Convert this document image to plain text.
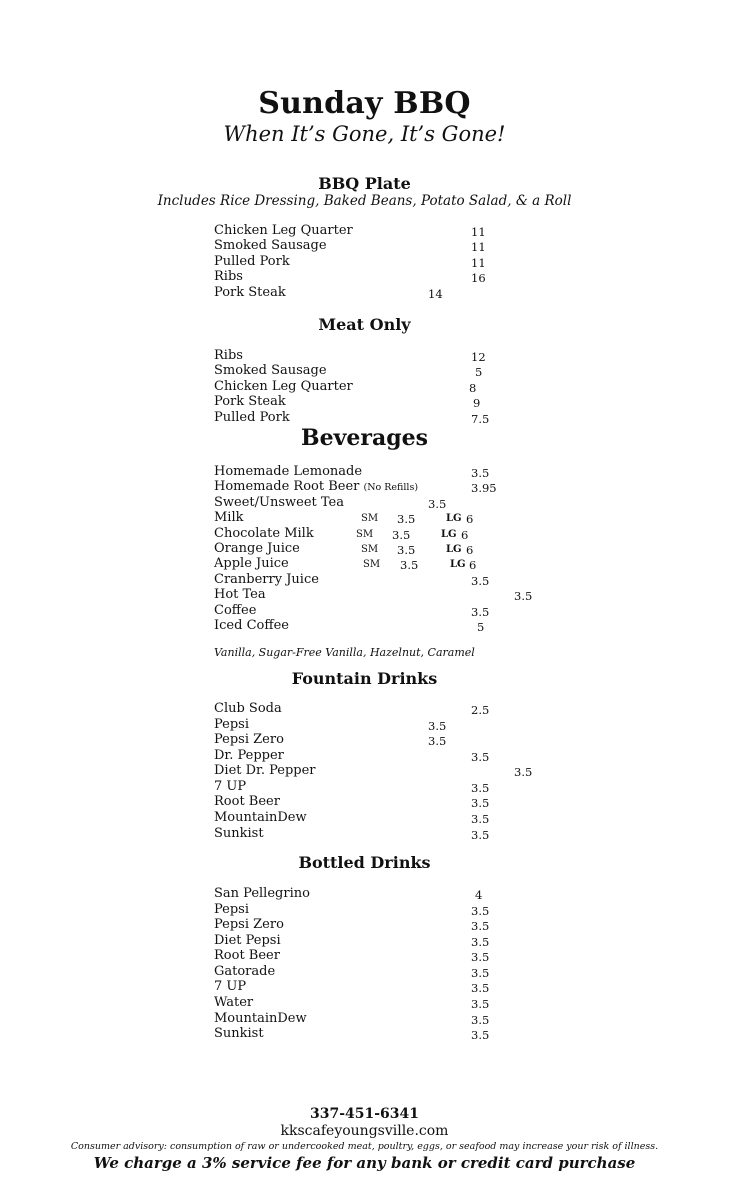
Sunday BBQ
When It’s Gone, It’s Gone!
BBQ Plate
Includes Rice Dressing, Baked Beans, Potato Salad, & a Roll
Chicken Leg Quarter	11
Smoked Sausage	11
Pulled Pork	11
Ribs	16
Pork Steak	14
Meat Only
Ribs	12
Smoked Sausage	5
Chicken Leg Quarter	8
Pork Steak	9
Pulled Pork	7.5
Beverages
Homemade Lemonade	3.5
Homemade Root Beer (No Refills)	3.95
Sweet/Unsweet Tea	3.5
Milk	SM 3.5	LG 6
Chocolate Milk	SM 3.5	LG 6
Orange Juice	SM 3.5	LG 6
Apple Juice	SM 3.5	LG 6
Cranberry Juice	3.5
Hot Tea	3.5
Coffee	3.5
Iced Coffee	5
Vanilla, Sugar-Free Vanilla, Hazelnut, Caramel
Fountain Drinks
Club Soda	2.5
Pepsi	3.5
Pepsi Zero	3.5
Dr. Pepper	3.5
Diet Dr. Pepper	3.5
7 UP	3.5
Root Beer	3.5
MountainDew	3.5
Sunkist	3.5
Bottled Drinks
San Pellegrino	4
Pepsi	3.5
Pepsi Zero	3.5
Diet Pepsi	3.5
Root Beer	3.5
Gatorade	3.5
7 UP	3.5
Water	3.5
MountainDew	3.5
Sunkist	3.5
337-451-6341
kkscafeyoungsville.com
Consumer advisory: consumption of raw or undercooked meat, poultry, eggs, or seafood may increase your risk of illness.
We charge a 3% service fee for any bank or credit card purchase
